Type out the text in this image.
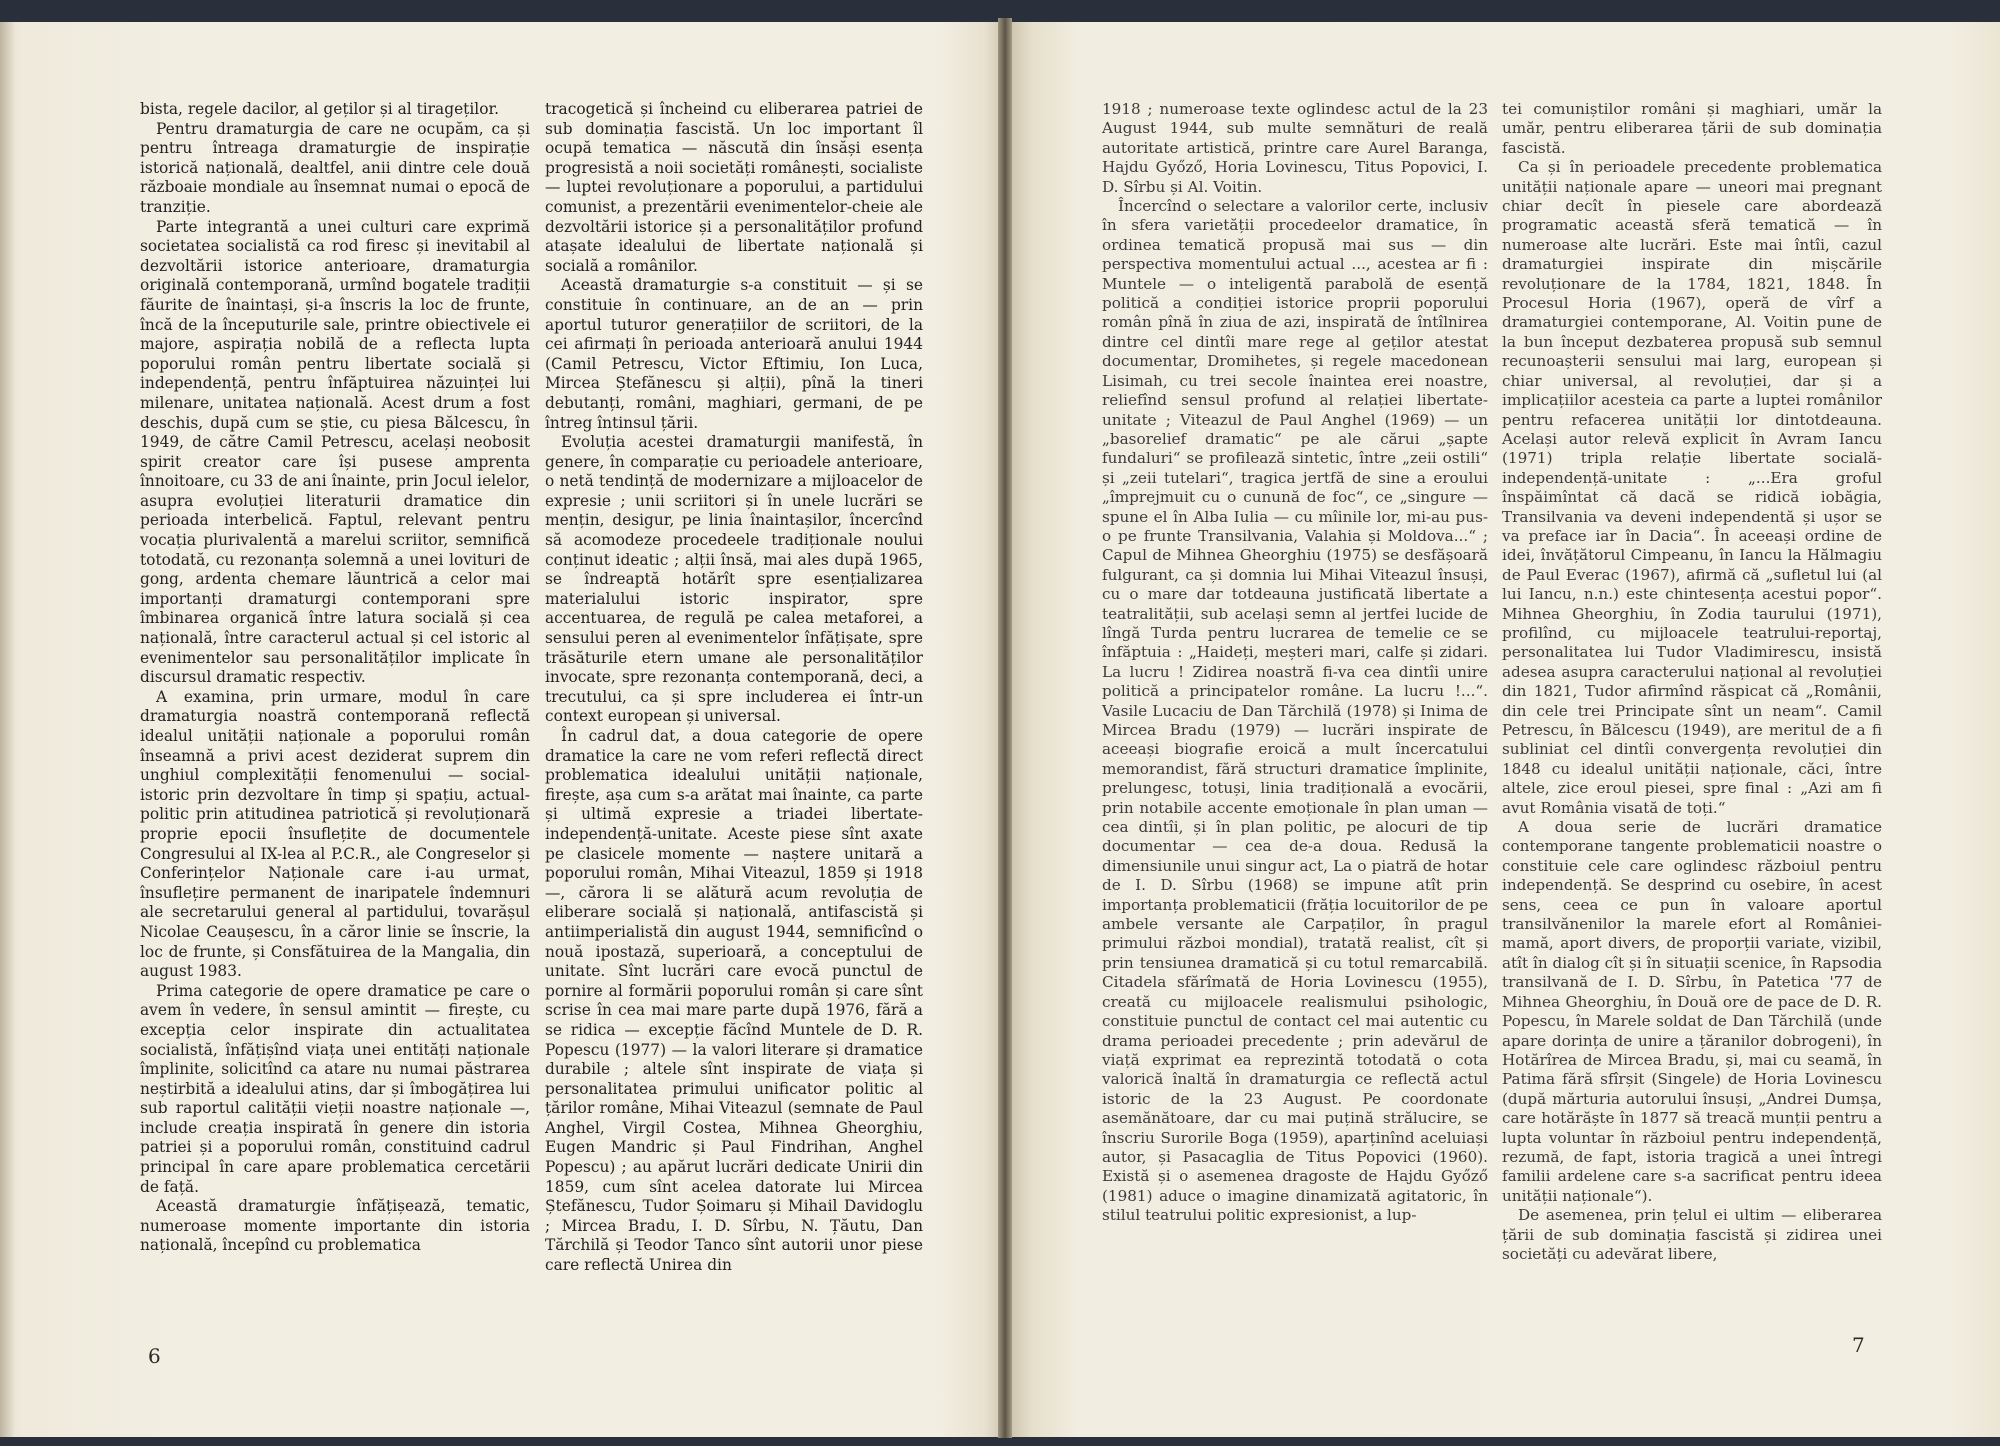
bista, regele dacilor, al geților și al tirageților.

Pentru dramaturgia de care ne ocupăm, ca și pentru întreaga dramaturgie de inspirație istorică națională, dealtfel, anii dintre cele două războaie mondiale au însemnat numai o epocă de tranziție.

Parte integrantă a unei culturi care exprimă societatea socialistă ca rod firesc și inevitabil al dezvoltării istorice anterioare, dramaturgia originală contemporană, urmînd bogatele tradiții făurite de înaintași, și-a înscris la loc de frunte, încă de la începuturile sale, printre obiectivele ei majore, aspirația nobilă de a reflecta lupta poporului român pentru libertate socială și independență, pentru înfăptuirea năzuinței lui milenare, unitatea națională. Acest drum a fost deschis, după cum se știe, cu piesa Bălcescu, în 1949, de către Camil Petrescu, același neobosit spirit creator care își pusese amprenta înnoitoare, cu 33 de ani înainte, prin Jocul ielelor, asupra evoluției literaturii dramatice din perioada interbelică. Faptul, relevant pentru vocația plurivalentă a marelui scriitor, semnifică totodată, cu rezonanța solemnă a unei lovituri de gong, ardenta chemare lăuntrică a celor mai importanți dramaturgi contemporani spre îmbinarea organică între latura socială și cea națională, între caracterul actual și cel istoric al evenimentelor sau personalităților implicate în discursul dramatic respectiv.

A examina, prin urmare, modul în care dramaturgia noastră contemporană reflectă idealul unității naționale a poporului român înseamnă a privi acest deziderat suprem din unghiul complexității fenomenului — social-istoric prin dezvoltare în timp și spațiu, actual-politic prin atitudinea patriotică și revoluționară proprie epocii însuflețite de documentele Congresului al IX-lea al P.C.R., ale Congreselor și Conferințelor Naționale care i-au urmat, însuflețire permanent de inaripatele îndemnuri ale secretarului general al partidului, tovarășul Nicolae Ceaușescu, în a căror linie se înscrie, la loc de frunte, și Consfătuirea de la Mangalia, din august 1983.

Prima categorie de opere dramatice pe care o avem în vedere, în sensul amintit — firește, cu excepția celor inspirate din actualitatea socialistă, înfățișînd viața unei entități naționale împlinite, solicitînd ca atare nu numai păstrarea neștirbită a idealului atins, dar și îmbogățirea lui sub raportul calității vieții noastre naționale —, include creația inspirată în genere din istoria patriei și a poporului român, constituind cadrul principal în care apare problematica cercetării de față.

Această dramaturgie înfățișează, tematic, numeroase momente importante din istoria națională, începînd cu problematica

tracogetică și încheind cu eliberarea patriei de sub dominația fascistă. Un loc important îl ocupă tematica — născută din însăși esența progresistă a noii societăți românești, socialiste — luptei revoluționare a poporului, a partidului comunist, a prezentării evenimentelor-cheie ale dezvoltării istorice și a personalităților profund atașate idealului de libertate națională și socială a românilor.

Această dramaturgie s-a constituit — și se constituie în continuare, an de an — prin aportul tuturor generațiilor de scriitori, de la cei afirmați în perioada anterioară anului 1944 (Camil Petrescu, Victor Eftimiu, Ion Luca, Mircea Ștefănescu și alții), pînă la tineri debutanți, români, maghiari, germani, de pe întreg întinsul țării.

Evoluția acestei dramaturgii manifestă, în genere, în comparație cu perioadele anterioare, o netă tendință de modernizare a mijloacelor de expresie ; unii scriitori și în unele lucrări se mențin, desigur, pe linia înaintașilor, încercînd să acomodeze procedeele tradiționale noului conținut ideatic ; alții însă, mai ales după 1965, se îndreaptă hotărît spre esențializarea materialului istoric inspirator, spre accentuarea, de regulă pe calea metaforei, a sensului peren al evenimentelor înfățișate, spre trăsăturile etern umane ale personalităților invocate, spre rezonanța contemporană, deci, a trecutului, ca și spre includerea ei într-un context european și universal.

În cadrul dat, a doua categorie de opere dramatice la care ne vom referi reflectă direct problematica idealului unității naționale, firește, așa cum s-a arătat mai înainte, ca parte și ultimă expresie a triadei libertate-independență-unitate. Aceste piese sînt axate pe clasicele momente — naștere unitară a poporului român, Mihai Viteazul, 1859 și 1918 —, cărora li se alătură acum revoluția de eliberare socială și națională, antifascistă și antiimperialistă din august 1944, semnificînd o nouă ipostază, superioară, a conceptului de unitate. Sînt lucrări care evocă punctul de pornire al formării poporului român și care sînt scrise în cea mai mare parte după 1976, fără a se ridica — excepție făcînd Muntele de D. R. Popescu (1977) — la valori literare și dramatice durabile ; altele sînt inspirate de viața și personalitatea primului unificator politic al țărilor române, Mihai Viteazul (semnate de Paul Anghel, Virgil Costea, Mihnea Gheorghiu, Eugen Mandric și Paul Findrihan, Anghel Popescu) ; au apărut lucrări dedicate Unirii din 1859, cum sînt acelea datorate lui Mircea Ștefănescu, Tudor Șoimaru și Mihail Davidoglu ; Mircea Bradu, I. D. Sîrbu, N. Țăutu, Dan Tărchilă și Teodor Tanco sînt autorii unor piese care reflectă Unirea din

6

1918 ; numeroase texte oglindesc actul de la 23 August 1944, sub multe semnături de reală autoritate artistică, printre care Aurel Baranga, Hajdu Győző, Horia Lovinescu, Titus Popovici, I. D. Sîrbu și Al. Voitin.

Încercînd o selectare a valorilor certe, inclusiv în sfera varietății procedeelor dramatice, în ordinea tematică propusă mai sus — din perspectiva momentului actual ..., acestea ar fi : Muntele — o inteligentă parabolă de esență politică a condiției istorice proprii poporului român pînă în ziua de azi, inspirată de întîlnirea dintre cel dintîi mare rege al geților atestat documentar, Dromihetes, și regele macedonean Lisimah, cu trei secole înaintea erei noastre, reliefînd sensul profund al relației libertate-unitate ; Viteazul de Paul Anghel (1969) — un „basorelief dramatic“ pe ale cărui „șapte fundaluri“ se profilează sintetic, între „zeii ostili“ și „zeii tutelari“, tragica jertfă de sine a eroului „împrejmuit cu o cunună de foc“, ce „singure — spune el în Alba Iulia — cu mîinile lor, mi-au pus-o pe frunte Transilvania, Valahia și Moldova...“ ; Capul de Mihnea Gheorghiu (1975) se desfășoară fulgurant, ca și domnia lui Mihai Viteazul însuși, cu o mare dar totdeauna justificată libertate a teatralității, sub același semn al jertfei lucide de lîngă Turda pentru lucrarea de temelie ce se înfăptuia : „Haideți, meșteri mari, calfe și zidari. La lucru ! Zidirea noastră fi-va cea dintîi unire politică a principatelor române. La lucru !...“. Vasile Lucaciu de Dan Tărchilă (1978) și Inima de Mircea Bradu (1979) — lucrări inspirate de aceeași biografie eroică a mult încercatului memorandist, fără structuri dramatice împlinite, prelungesc, totuși, linia tradițională a evocării, prin notabile accente emoționale în plan uman — cea dintîi, și în plan politic, pe alocuri de tip documentar — cea de-a doua. Redusă la dimensiunile unui singur act, La o piatră de hotar de I. D. Sîrbu (1968) se impune atît prin importanța problematicii (frăția locuitorilor de pe ambele versante ale Carpaților, în pragul primului război mondial), tratată realist, cît și prin tensiunea dramatică și cu totul remarcabilă. Citadela sfărîmată de Horia Lovinescu (1955), creată cu mijloacele realismului psihologic, constituie punctul de contact cel mai autentic cu drama perioadei precedente ; prin adevărul de viață exprimat ea reprezintă totodată o cota valorică înaltă în dramaturgia ce reflectă actul istoric de la 23 August. Pe coordonate asemănătoare, dar cu mai puțină strălucire, se înscriu Surorile Boga (1959), aparținînd aceluiași autor, și Pasacaglia de Titus Popovici (1960). Există și o asemenea dragoste de Hajdu Győző (1981) aduce o imagine dinamizată agitatoric, în stilul teatrului politic expresionist, a lup-

tei comuniștilor români și maghiari, umăr la umăr, pentru eliberarea țării de sub dominația fascistă.

Ca și în perioadele precedente problematica unității naționale apare — uneori mai pregnant chiar decît în piesele care abordează programatic această sferă tematică — în numeroase alte lucrări. Este mai întîi, cazul dramaturgiei inspirate din mișcările revoluționare de la 1784, 1821, 1848. În Procesul Horia (1967), operă de vîrf a dramaturgiei contemporane, Al. Voitin pune de la bun început dezbaterea propusă sub semnul recunoașterii sensului mai larg, european și chiar universal, al revoluției, dar și a implicațiilor acesteia ca parte a luptei românilor pentru refacerea unității lor dintotdeauna. Același autor relevă explicit în Avram Iancu (1971) tripla relație libertate socială-independență-unitate : „...Era groful înspăimîntat că dacă se ridică iobăgia, Transilvania va deveni independentă și ușor se va preface iar în Dacia“. În aceeași ordine de idei, învățătorul Cimpeanu, în Iancu la Hălmagiu de Paul Everac (1967), afirmă că „sufletul lui (al lui Iancu, n.n.) este chintesența acestui popor“. Mihnea Gheorghiu, în Zodia taurului (1971), profilînd, cu mijloacele teatrului-reportaj, personalitatea lui Tudor Vladimirescu, insistă adesea asupra caracterului național al revoluției din 1821, Tudor afirmînd răspicat că „Românii, din cele trei Principate sînt un neam“. Camil Petrescu, în Bălcescu (1949), are meritul de a fi subliniat cel dintîi convergența revoluției din 1848 cu idealul unității naționale, căci, între altele, zice eroul piesei, spre final : „Azi am fi avut România visată de toți.“

A doua serie de lucrări dramatice contemporane tangente problematicii noastre o constituie cele care oglindesc războiul pentru independență. Se desprind cu osebire, în acest sens, ceea ce pun în valoare aportul transilvănenilor la marele efort al României-mamă, aport divers, de proporții variate, vizibil, atît în dialog cît și în situații scenice, în Rapsodia transilvană de I. D. Sîrbu, în Patetica '77 de Mihnea Gheorghiu, în Două ore de pace de D. R. Popescu, în Marele soldat de Dan Tărchilă (unde apare dorința de unire a țăranilor dobrogeni), în Hotărîrea de Mircea Bradu, și, mai cu seamă, în Patima fără sfîrșit (Singele) de Horia Lovinescu (după mărturia autorului însuși, „Andrei Dumșa, care hotărăște în 1877 să treacă munții pentru a lupta voluntar în războiul pentru independență, rezumă, de fapt, istoria tragică a unei întregi familii ardelene care s-a sacrificat pentru ideea unității naționale“).

De asemenea, prin țelul ei ultim — eliberarea țării de sub dominația fascistă și zidirea unei societăți cu adevărat libere,

7
